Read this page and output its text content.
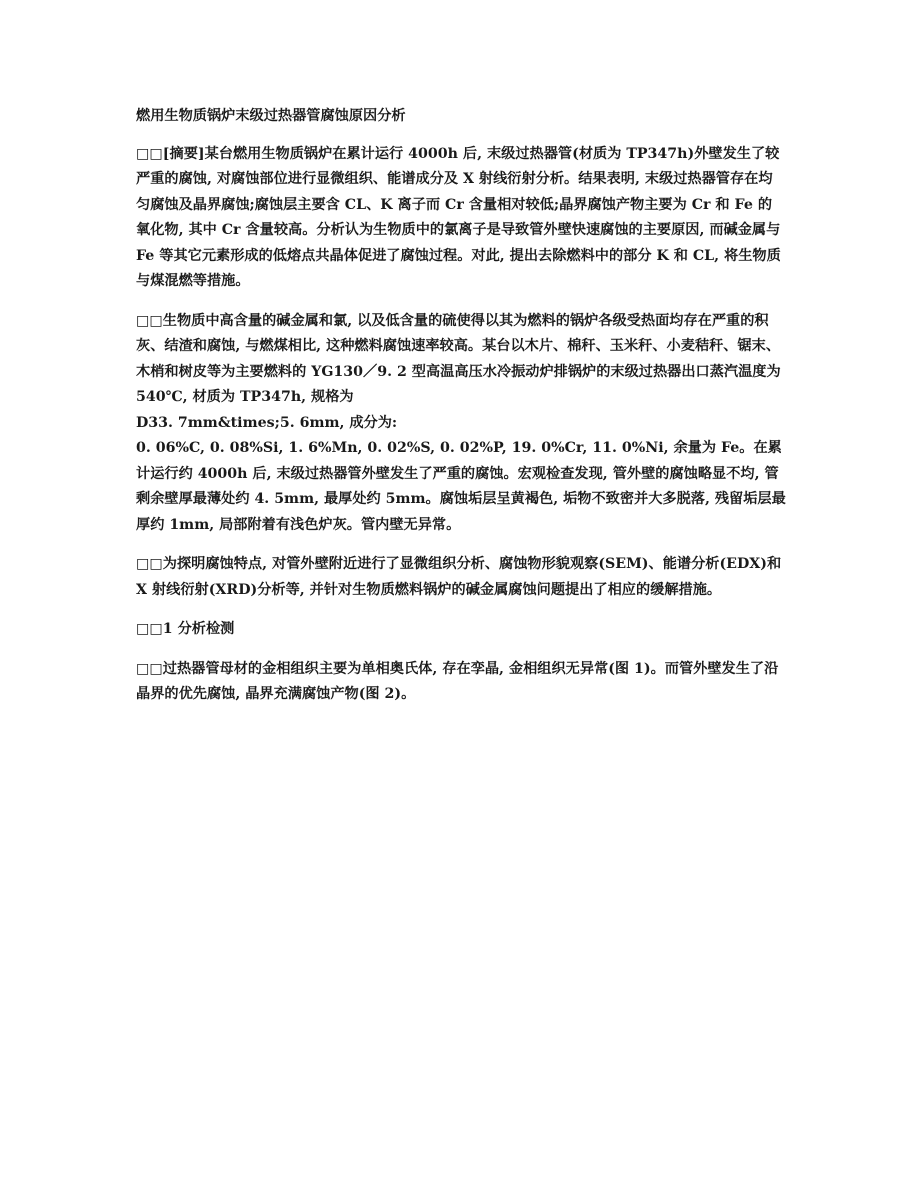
燃用生物质锅炉末级过热器管腐蚀原因分析
□□[摘要]某台燃用生物质锅炉在累计运行 4000h 后, 末级过热器管(材质为 TP347h)外壁发生了较严重的腐蚀, 对腐蚀部位进行显微组织、能谱成分及 X 射线衍射分析。结果表明, 末级过热器管存在均匀腐蚀及晶界腐蚀;腐蚀层主要含 CL、K 离子而 Cr 含量相对较低;晶界腐蚀产物主要为 Cr 和 Fe 的氧化物, 其中 Cr 含量较高。分析认为生物质中的氯离子是导致管外壁快速腐蚀的主要原因, 而碱金属与 Fe 等其它元素形成的低熔点共晶体促进了腐蚀过程。对此, 提出去除燃料中的部分 K 和 CL, 将生物质与煤混燃等措施。
□□生物质中高含量的碱金属和氯, 以及低含量的硫使得以其为燃料的锅炉各级受热面均存在严重的积灰、结渣和腐蚀, 与燃煤相比, 这种燃料腐蚀速率较高。某台以木片、棉秆、玉米秆、小麦秸秆、锯末、木梢和树皮等为主要燃料的 YG130／9. 2 型高温高压水冷振动炉排锅炉的末级过热器出口蒸汽温度为 540℃, 材质为 TP347h, 规格为
D33. 7mm&times;5. 6mm, 成分为:
0. 06%C, 0. 08%Si, 1. 6%Mn, 0. 02%S, 0. 02%P, 19. 0%Cr, 11. 0%Ni, 余量为 Fe。在累计运行约 4000h 后, 末级过热器管外壁发生了严重的腐蚀。宏观检查发现, 管外壁的腐蚀略显不均, 管剩余壁厚最薄处约 4. 5mm, 最厚处约 5mm。腐蚀垢层呈黄褐色, 垢物不致密并大多脱落, 残留垢层最厚约 1mm, 局部附着有浅色炉灰。管内壁无异常。
□□为探明腐蚀特点, 对管外壁附近进行了显微组织分析、腐蚀物形貌观察(SEM)、能谱分析(EDX)和 X 射线衍射(XRD)分析等, 并针对生物质燃料锅炉的碱金属腐蚀问题提出了相应的缓解措施。
□□1 分析检测
□□过热器管母材的金相组织主要为单相奥氏体, 存在孪晶, 金相组织无异常(图 1)。而管外壁发生了沿晶界的优先腐蚀, 晶界充满腐蚀产物(图 2)。
